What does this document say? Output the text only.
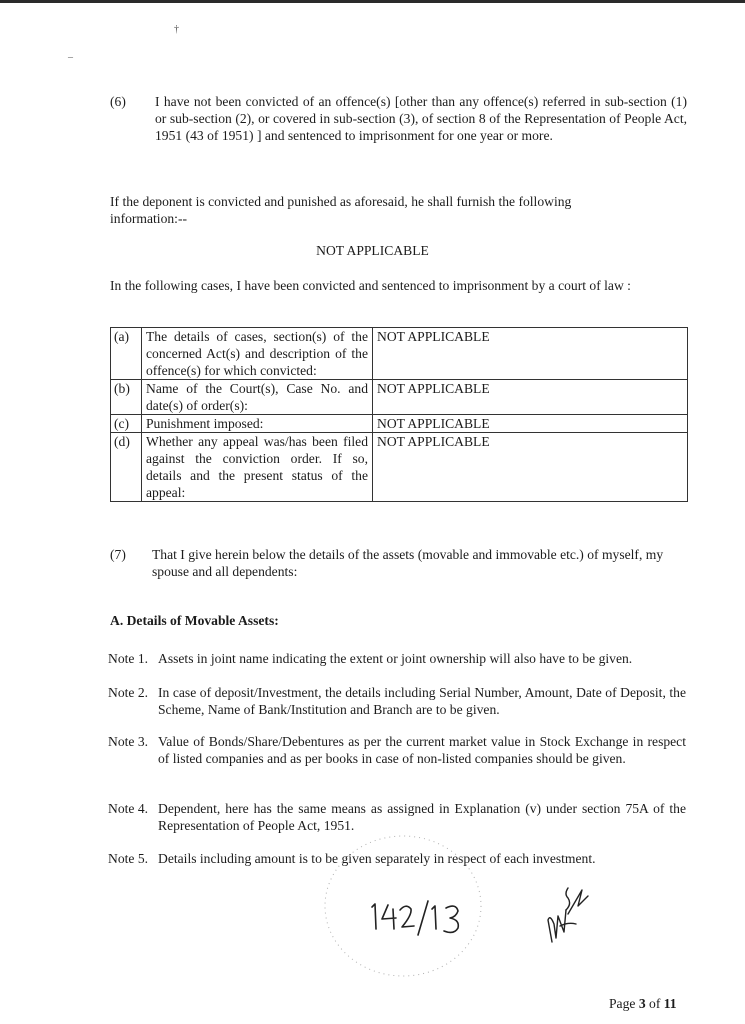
†
–
(6) I have not been convicted of an offence(s) [other than any offence(s) referred in sub-section (1) or sub-section (2), or covered in sub-section (3), of section 8 of the Representation of People Act, 1951 (43 of 1951) ] and sentenced to imprisonment for one year or more.
If the deponent is convicted and punished as aforesaid, he shall furnish the following information:--
NOT APPLICABLE
In the following cases, I have been convicted and sentenced to imprisonment by a court of law :
(a)	The details of cases, section(s) of the concerned Act(s) and description of the offence(s) for which convicted:	NOT APPLICABLE
(b)	Name of the Court(s), Case No. and date(s) of order(s):	NOT APPLICABLE
(c)	Punishment imposed:	NOT APPLICABLE
(d)	Whether any appeal was/has been filed against the conviction order. If so, details and the present status of the appeal:	NOT APPLICABLE
(7) That I give herein below the details of the assets (movable and immovable etc.) of myself, my spouse and all dependents:
A. Details of Movable Assets:
Note 1. Assets in joint name indicating the extent or joint ownership will also have to be given.
Note 2. In case of deposit/Investment, the details including Serial Number, Amount, Date of Deposit, the Scheme, Name of Bank/Institution and Branch are to be given.
Note 3. Value of Bonds/Share/Debentures as per the current market value in Stock Exchange in respect of listed companies and as per books in case of non-listed companies should be given.
Note 4. Dependent, here has the same means as assigned in Explanation (v) under section 75A of the Representation of People Act, 1951.
Note 5. Details including amount is to be given separately in respect of each investment.
Page 3 of 11
